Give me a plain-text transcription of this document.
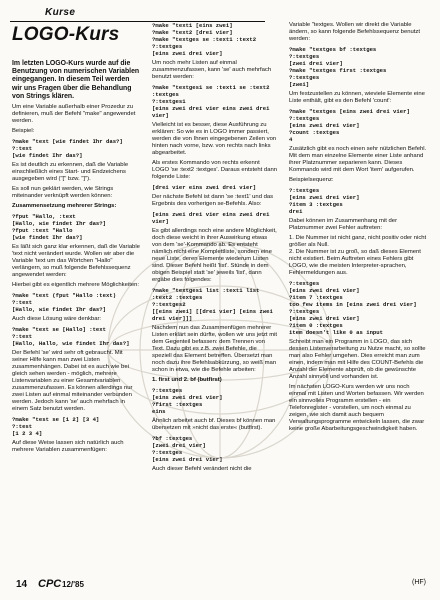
Kurse
LOGO-Kurs
Im letzten LOGO-Kurs wurde auf die Benutzung von numerischen Variablen eingegangen. In diesem Teil werden wir uns Fragen über die Behandlung von Strings klären.
Um eine Variable außerhalb einer Prozedur zu definieren, muß der Befehl "make" angewendet werden.
Beispiel:
?make "text [wie findet Ihr das?]
?:text
[wie findet Ihr das?]
Es ist deutlich zu erkennen, daß die Variable einschließlich eines Start- und Endzeichens ausgegeben wird ("[" bzw. "]").
Es soll nun geklärt werden, wie Strings miteinander verknüpft werden können:
Zusammensetzung mehrerer Strings:
?fput "Hallo, :text
[Hallo, wie findet Ihr das?]
?fput :text "Hallo
[wie findet Ihr das?]
Es läßt sich ganz klar erkennen, daß die Variable 'text nicht verändert wurde. Wollen wir aber die Variable 'text um das Wörtchen "Hallo" verlängern, so muß folgende Befehlssequenz angewendet werden:
Hierbei gibt es eigentlich mehrere Möglichkeiten:
?make "text (fput "Hallo :text)
?:text
[Hallo, wie findet Ihr das?]
Auch diese Lösung wäre denkbar:
?make "text se [Hallo] :text
?:text
[Hallo, Hallo, wie findet Ihr das?]
Der Befehl 'se' wird sehr oft gebraucht. Mit seiner Hilfe kann man zwei Listen zusammenhängen. Dabei ist es auch wie bei gleich sehen werden - möglich, mehrere Listenvariablen zu einer Gesamtvariablen zusammenzufassen. Es können allerdings nur zwei Listen auf einmal miteinander verbunden werden. Jedoch kann 'se' auch mehrfach in einem Satz benutzt werden.
?make "test se [1 2] [3 4]
?:test
[1 2 3 4]
Auf diese Weise lassen sich natürlich auch mehrere Variablen zusammenfügen:
?make "text1 [eins zwei]
?make "text2 [drei vier]
?make "textges se :text1 :text2
?:textges
[eins zwei drei vier]
Um noch mehr Listen auf einmal zusammenzufassen, kann 'se' auch mehrfach benutzt werden:
?make "textges1 se :text1 se :text2 :textges
?:textges1
[eins zwei drei vier eins zwei drei vier]
Vielleicht ist es besser, diese Ausführung zu erklären: So wie es in LOGO immer passiert, werden die von Ihnen eingegebenen Zeilen von hinten nach vorne, bzw. von rechts nach links abgearbeitet.
Als erstes Kommando von rechts erkennt LOGO 'se :text2 :textges'. Daraus entsteht dann folgende Liste:
[drei vier eins zwei drei vier]
Der nächste Befehl ist dann 'se :text1' und das Ergebnis des vorherigen se-Befehls. Also:
[eins zwei drei vier eins zwei drei vier]
Es gibt allerdings noch eine andere Möglichkeit, doch diese weicht in ihrer Auswirkung etwas von dem 'se'-Kommando ab. Es entsteht nämlich nicht eine Komplettliste, sondern eine neue Liste, deren Elemente wiederum Listen sind. Dieser Befehl heißt 'list'. Stünde in dem obigen Beispiel statt 'se' jeweils 'list', dann ergäbe dies folgendes:
?make "textges1 list :text1 list :text2 :textges
?:textges2
[[eins zwei] [[drei vier] [eins zwei drei vier]]]
Nachdem nun das Zusammenfügen mehrerer Listen erklärt sein dürfte, wollen wir uns jetzt mit dem Gegenteil befassen: dem Trennen von Text. Dazu gibt es z.B. zwei Befehle, die speziell das Element betreffen. Übersetzt man noch dazu ihre Befehlsabkürzung, so weiß man schon in etwa, wie die Befehle arbeiten:
1. first und 2. bf (butfirst)
?:textges
[eins zwei drei vier]
?first :textges
eins
Ähnlich arbeitet auch bf. Dieses bf können man übersetzen mit »nicht das erste« (butfirst).
?bf :textges
[zwei drei vier]
?:textges
[eins zwei drei vier]
Auch dieser Befehl verändert nicht die
Variable "textges. Wollen wir direkt die Variable ändern, so kann folgende Befehlssequenz benutzt werden:
?make "textges bf :textges
?:textges
[zwei drei vier]
?make "textges first :textges
?:textges
[zwei]
Um festzustellen zu können, wieviele Elemente eine Liste enthält, gibt es den Befehl 'count':
?make "textges [eins zwei drei vier]
?:textges
[eins zwei drei vier]
?count :textges
4
Zusätzlich gibt es noch einen sehr nützlichen Befehl. Mit dem man einzelne Elemente einer Liste anhand ihrer Platznummer separieren kann. Dieses Kommando wird mit dem Wort 'item' aufgerufen.
Beispielsequenz:
?:textges
[eins zwei drei vier]
?item 3 :textges
drei
Dabei können im Zusammenhang mit der Platznummer zwei Fehler auftreten:
1. Die Nummer ist nicht ganz, nicht positiv oder nicht größer als Null.
2. Die Nummer ist zu groß, so daß dieses Element nicht existiert. Beim Auftreten eines Fehlers gibt LOGO, wie die meisten Interpreter-sprachen, Fehlermeldungen aus.
?:textges
[eins zwei drei vier]
?item 7 :textges
too few items in [eins zwei drei vier]
?:textges
[eins zwei drei vier]
?item 0 :textges
item doesn't like 0 as input
Schreibt man ein Programm in LOGO, das sich dessen Listenverarbeitung zu Nutze macht, so sollte man also Fehler umgehen. Dies erreicht man zum einen, indem man mit Hilfe des COUNT-Befehls die Anzahl der Elemente abprüft, ob die gewünschte Anzahl sinnvoll und vorhanden ist.
Im nächsten LOGO-Kurs werden wir uns noch einmal mit Listen und Worten befassen. Wir werden ein sinnvolles Programm erstellen - ein Telefonregister - vorstellen, um noch einmal zu zeigen, wie sich damit auch bequem Verwaltungsprogramme entwickeln lassen, die zwar keine große Abarbeitungsgeschwindigkeit haben.
14 CPC 12/'85	(HF)
